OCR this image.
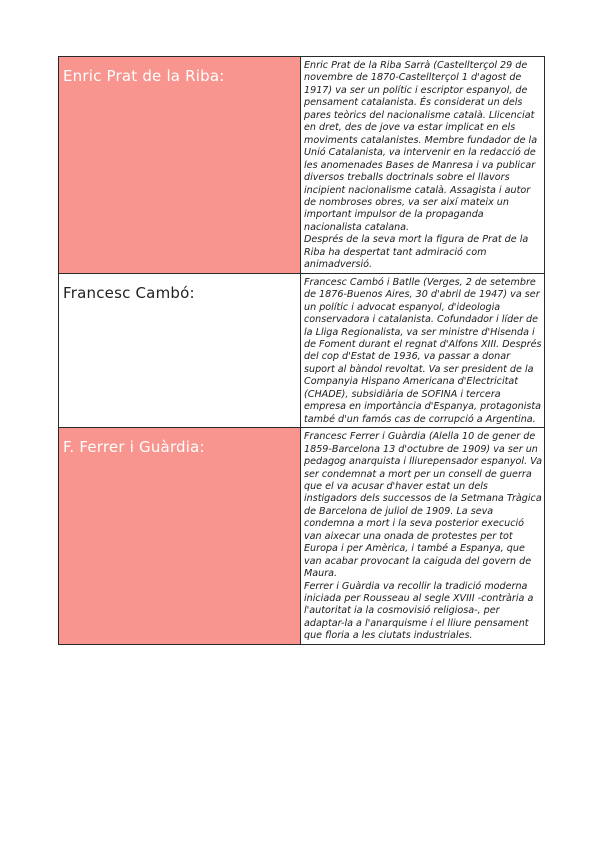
Enric Prat de la Riba:	Enric Prat de la Riba Sarrà (Castellterçol 29 de novembre de 1870-Castellterçol 1 d'agost de 1917) va ser un polític i escriptor espanyol, de pensament catalanista. És considerat un dels pares teòrics del nacionalisme català. Llicenciat en dret, des de jove va estar implicat en els moviments catalanistes. Membre fundador de la Unió Catalanista, va intervenir en la redacció de les anomenades Bases de Manresa i va publicar diversos treballs doctrinals sobre el llavors incipient nacionalisme català. Assagista i autor de nombroses obres, va ser així mateix un important impulsor de la propaganda nacionalista catalana.

Després de la seva mort la figura de Prat de la Riba ha despertat tant admiració com animadversió.

Francesc Cambó:	Francesc Cambó i Batlle (Verges, 2 de setembre de 1876-Buenos Aires, 30 d'abril de 1947) va ser un polític i advocat espanyol, d'ideologia conservadora i catalanista. Cofundador i líder de la Lliga Regionalista, va ser ministre d'Hisenda i de Foment durant el regnat d'Alfons XIII. Després del cop d'Estat de 1936, va passar a donar suport al bàndol revoltat. Va ser president de la Companyia Hispano Americana d'Electricitat (CHADE), subsidiària de SOFINA i tercera empresa en importància d'Espanya, protagonista també d'un famós cas de corrupció a Argentina.

F. Ferrer i Guàrdia:	Francesc Ferrer i Guàrdia (Alella 10 de gener de 1859-Barcelona 13 d'octubre de 1909) va ser un pedagog anarquista i lliurepensador espanyol. Va ser condemnat a mort per un consell de guerra que el va acusar d'haver estat un dels instigadors dels successos de la Setmana Tràgica de Barcelona de juliol de 1909. La seva condemna a mort i la seva posterior execució van aixecar una onada de protestes per tot Europa i per Amèrica, i també a Espanya, que van acabar provocant la caiguda del govern de Maura.

Ferrer i Guàrdia va recollir la tradició moderna iniciada per Rousseau al segle XVIII -contrària a l'autoritat ia la cosmovisió religiosa-, per adaptar-la a l'anarquisme i el lliure pensament que floria a les ciutats industriales.
